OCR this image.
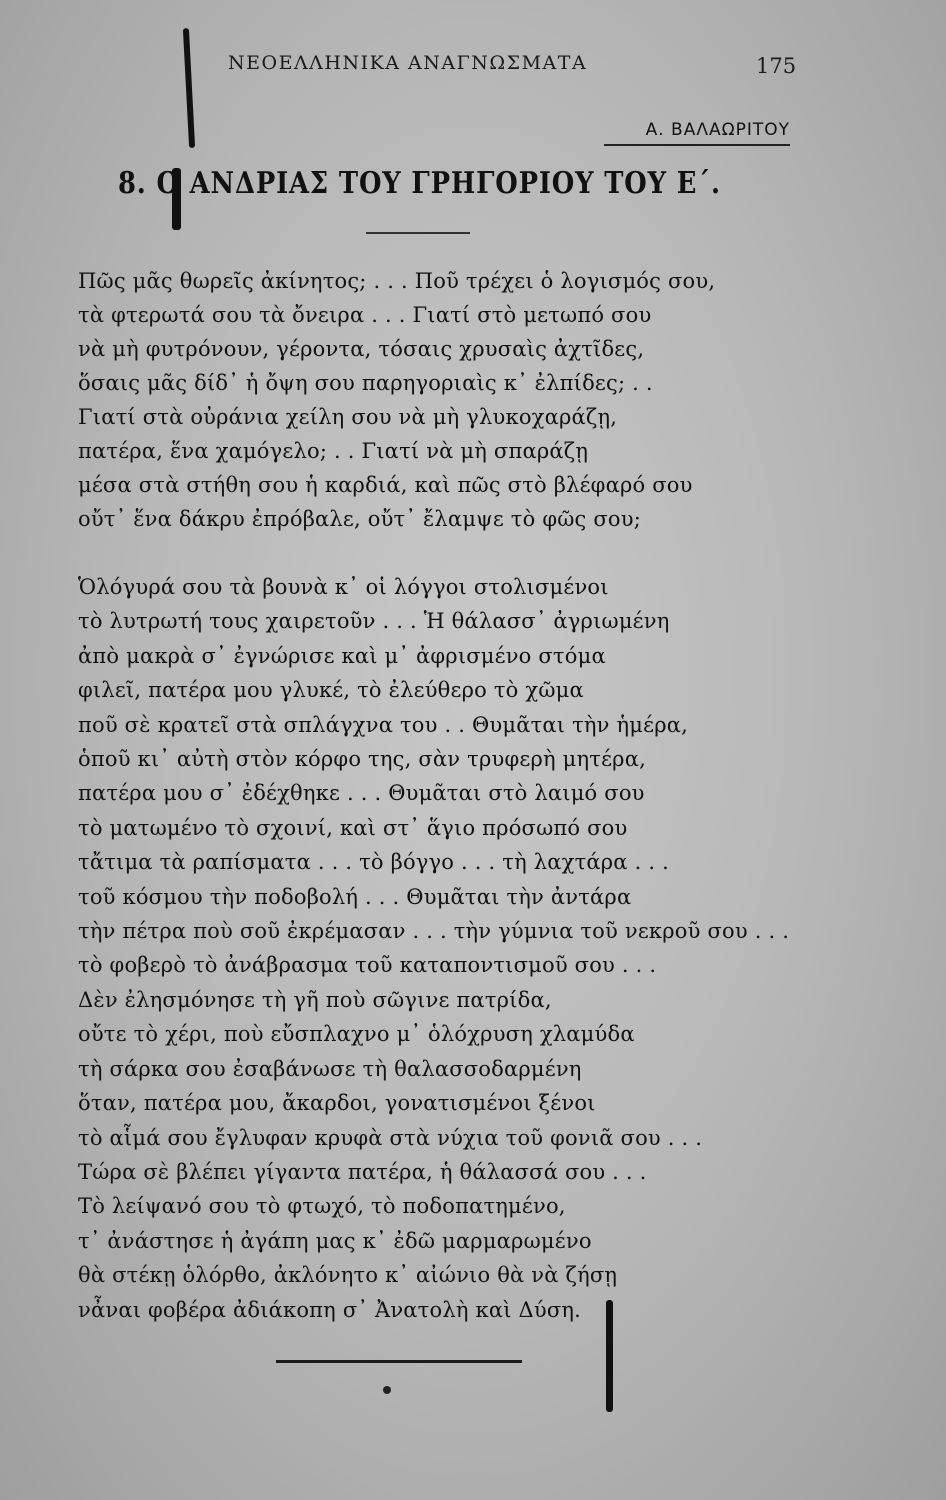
ΝΕΟΕΛΛΗΝΙΚΑ ΑΝΑΓΝΩΣΜΑΤΑ	175
Α. ΒΑΛΑΩΡΙΤΟΥ
8. Ο ΑΝΔΡΙΑΣ ΤΟΥ ΓΡΗΓΟΡΙΟΥ ΤΟΥ Ε΄.
Πῶς μᾶς θωρεῖς ἀκίνητος; . . . Ποῦ τρέχει ὁ λογισμός σου,
τὰ φτερωτά σου τὰ ὄνειρα . . . Γιατί στὸ μετωπό σου
νὰ μὴ φυτρόνουν, γέροντα, τόσαις χρυσαὶς ἀχτῖδες,
ὅσαις μᾶς δίδ᾽ ἡ ὄψη σου παρηγοριαὶς κ᾽ ἐλπίδες; . .
Γιατί στὰ οὐράνια χείλη σου νὰ μὴ γλυκοχαράζῃ,
πατέρα, ἕνα χαμόγελο; . . Γιατί νὰ μὴ σπαράζῃ
μέσα στὰ στήθη σου ἡ καρδιά, καὶ πῶς στὸ βλέφαρό σου
οὔτ᾽ ἕνα δάκρυ ἐπρόβαλε, οὔτ᾽ ἔλαμψε τὸ φῶς σου;
Ὁλόγυρά σου τὰ βουνὰ κ᾽ οἱ λόγγοι στολισμένοι
τὸ λυτρωτή τους χαιρετοῦν . . . Ἡ θάλασσ᾽ ἀγριωμένη
ἀπὸ μακρὰ σ᾽ ἐγνώρισε καὶ μ᾽ ἀφρισμένο στόμα
φιλεῖ, πατέρα μου γλυκέ, τὸ ἐλεύθερο τὸ χῶμα
ποῦ σὲ κρατεῖ στὰ σπλάγχνα του . . Θυμᾶται τὴν ἡμέρα,
ὁποῦ κι᾽ αὐτὴ στὸν κόρφο της, σὰν τρυφερὴ μητέρα,
πατέρα μου σ᾽ ἐδέχθηκε . . . Θυμᾶται στὸ λαιμό σου
τὸ ματωμένο τὸ σχοινί, καὶ στ᾽ ἅγιο πρόσωπό σου
τἄτιμα τὰ ραπίσματα . . . τὸ βόγγο . . . τὴ λαχτάρα . . .
τοῦ κόσμου τὴν ποδοβολή . . . Θυμᾶται τὴν ἀντάρα
τὴν πέτρα ποὺ σοῦ ἐκρέμασαν . . . τὴν γύμνια τοῦ νεκροῦ σου . . .
τὸ φοβερὸ τὸ ἀνάβρασμα τοῦ καταποντισμοῦ σου . . .
Δὲν ἐλησμόνησε τὴ γῆ ποὺ σῶγινε πατρίδα,
οὔτε τὸ χέρι, ποὺ εὔσπλαχνο μ᾽ ὁλόχρυση χλαμύδα
τὴ σάρκα σου ἐσαβάνωσε τὴ θαλασσοδαρμένη
ὅταν, πατέρα μου, ἄκαρδοι, γονατισμένοι ξένοι
τὸ αἷμά σου ἔγλυφαν κρυφὰ στὰ νύχια τοῦ φονιᾶ σου . . .
Τώρα σὲ βλέπει γίγαντα πατέρα, ἡ θάλασσά σου . . .
Τὸ λείψανό σου τὸ φτωχό, τὸ ποδοπατημένο,
τ᾽ ἀνάστησε ἡ ἀγάπη μας κ᾽ ἐδῶ μαρμαρωμένο
θὰ στέκῃ ὁλόρθο, ἀκλόνητο κ᾽ αἰώνιο θὰ νὰ ζήσῃ
νἆναι φοβέρα ἀδιάκοπη σ᾽ Ἀνατολὴ καὶ Δύση.
